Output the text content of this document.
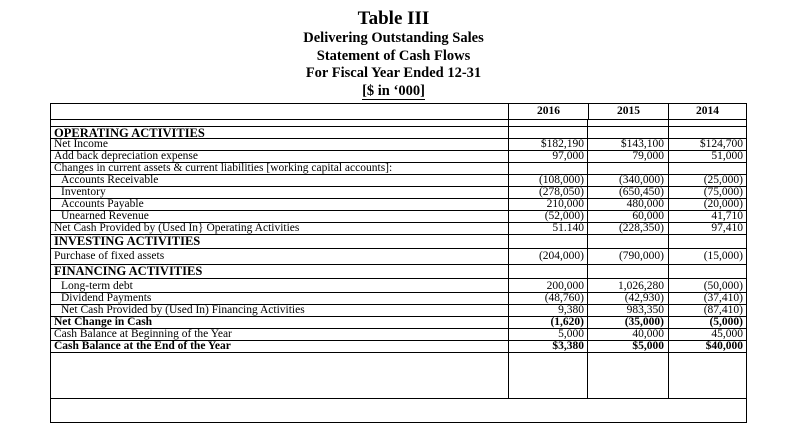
Table III
Delivering Outstanding Sales
Statement of Cash Flows
For Fiscal Year Ended 12-31
[$ in ‘000]
2016	2015	2014
OPERATING ACTIVITIES
Net Income	$182,190	$143,100	$124,700
Add back depreciation expense	97,000	79,000	51,000
Changes in current assets & current liabilities [working capital accounts]:
Accounts Receivable	(108,000)	(340,000)	(25,000)
Inventory	(278,050)	(650,450)	(75,000)
Accounts Payable	210,000	480,000	(20,000)
Unearned Revenue	(52,000)	60,000	41,710
Net Cash Provided by (Used In} Operating Activities	51.140	(228,350)	97,410
INVESTING ACTIVITIES
Purchase of fixed assets	(204,000)	(790,000)	(15,000)
FINANCING ACTIVITIES
Long-term debt	200,000	1,026,280	(50,000)
Dividend Payments	(48,760)	(42,930)	(37,410)
Net Cash Provided by (Used In) Financing Activities	9,380	983,350	(87,410)
Net Change in Cash	(1,620)	(35,000)	(5,000)
Cash Balance at Beginning of the Year	5,000	40,000	45,000
Cash Balance at the End of the Year	$3,380	$5,000	$40,000
